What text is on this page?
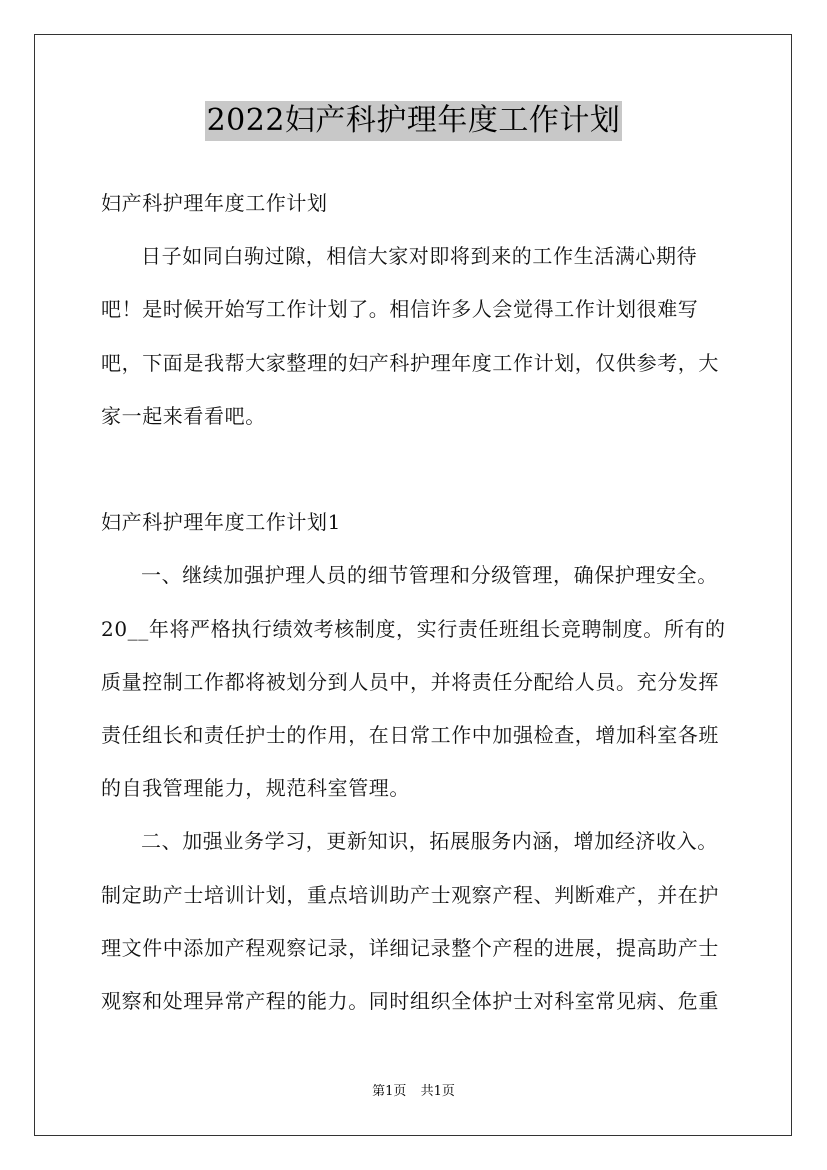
2022妇产科护理年度工作计划

妇产科护理年度工作计划

日子如同白驹过隙，相信大家对即将到来的工作生活满心期待吧！是时候开始写工作计划了。相信许多人会觉得工作计划很难写吧，下面是我帮大家整理的妇产科护理年度工作计划，仅供参考，大家一起来看看吧。

妇产科护理年度工作计划1

一、继续加强护理人员的细节管理和分级管理，确保护理安全。20__年将严格执行绩效考核制度，实行责任班组长竞聘制度。所有的质量控制工作都将被划分到人员中，并将责任分配给人员。充分发挥责任组长和责任护士的作用，在日常工作中加强检查，增加科室各班的自我管理能力，规范科室管理。

二、加强业务学习，更新知识，拓展服务内涵，增加经济收入。制定助产士培训计划，重点培训助产士观察产程、判断难产，并在护理文件中添加产程观察记录，详细记录整个产程的进展，提高助产士观察和处理异常产程的能力。同时组织全体护士对科室常见病、危重

第1页 共1页
